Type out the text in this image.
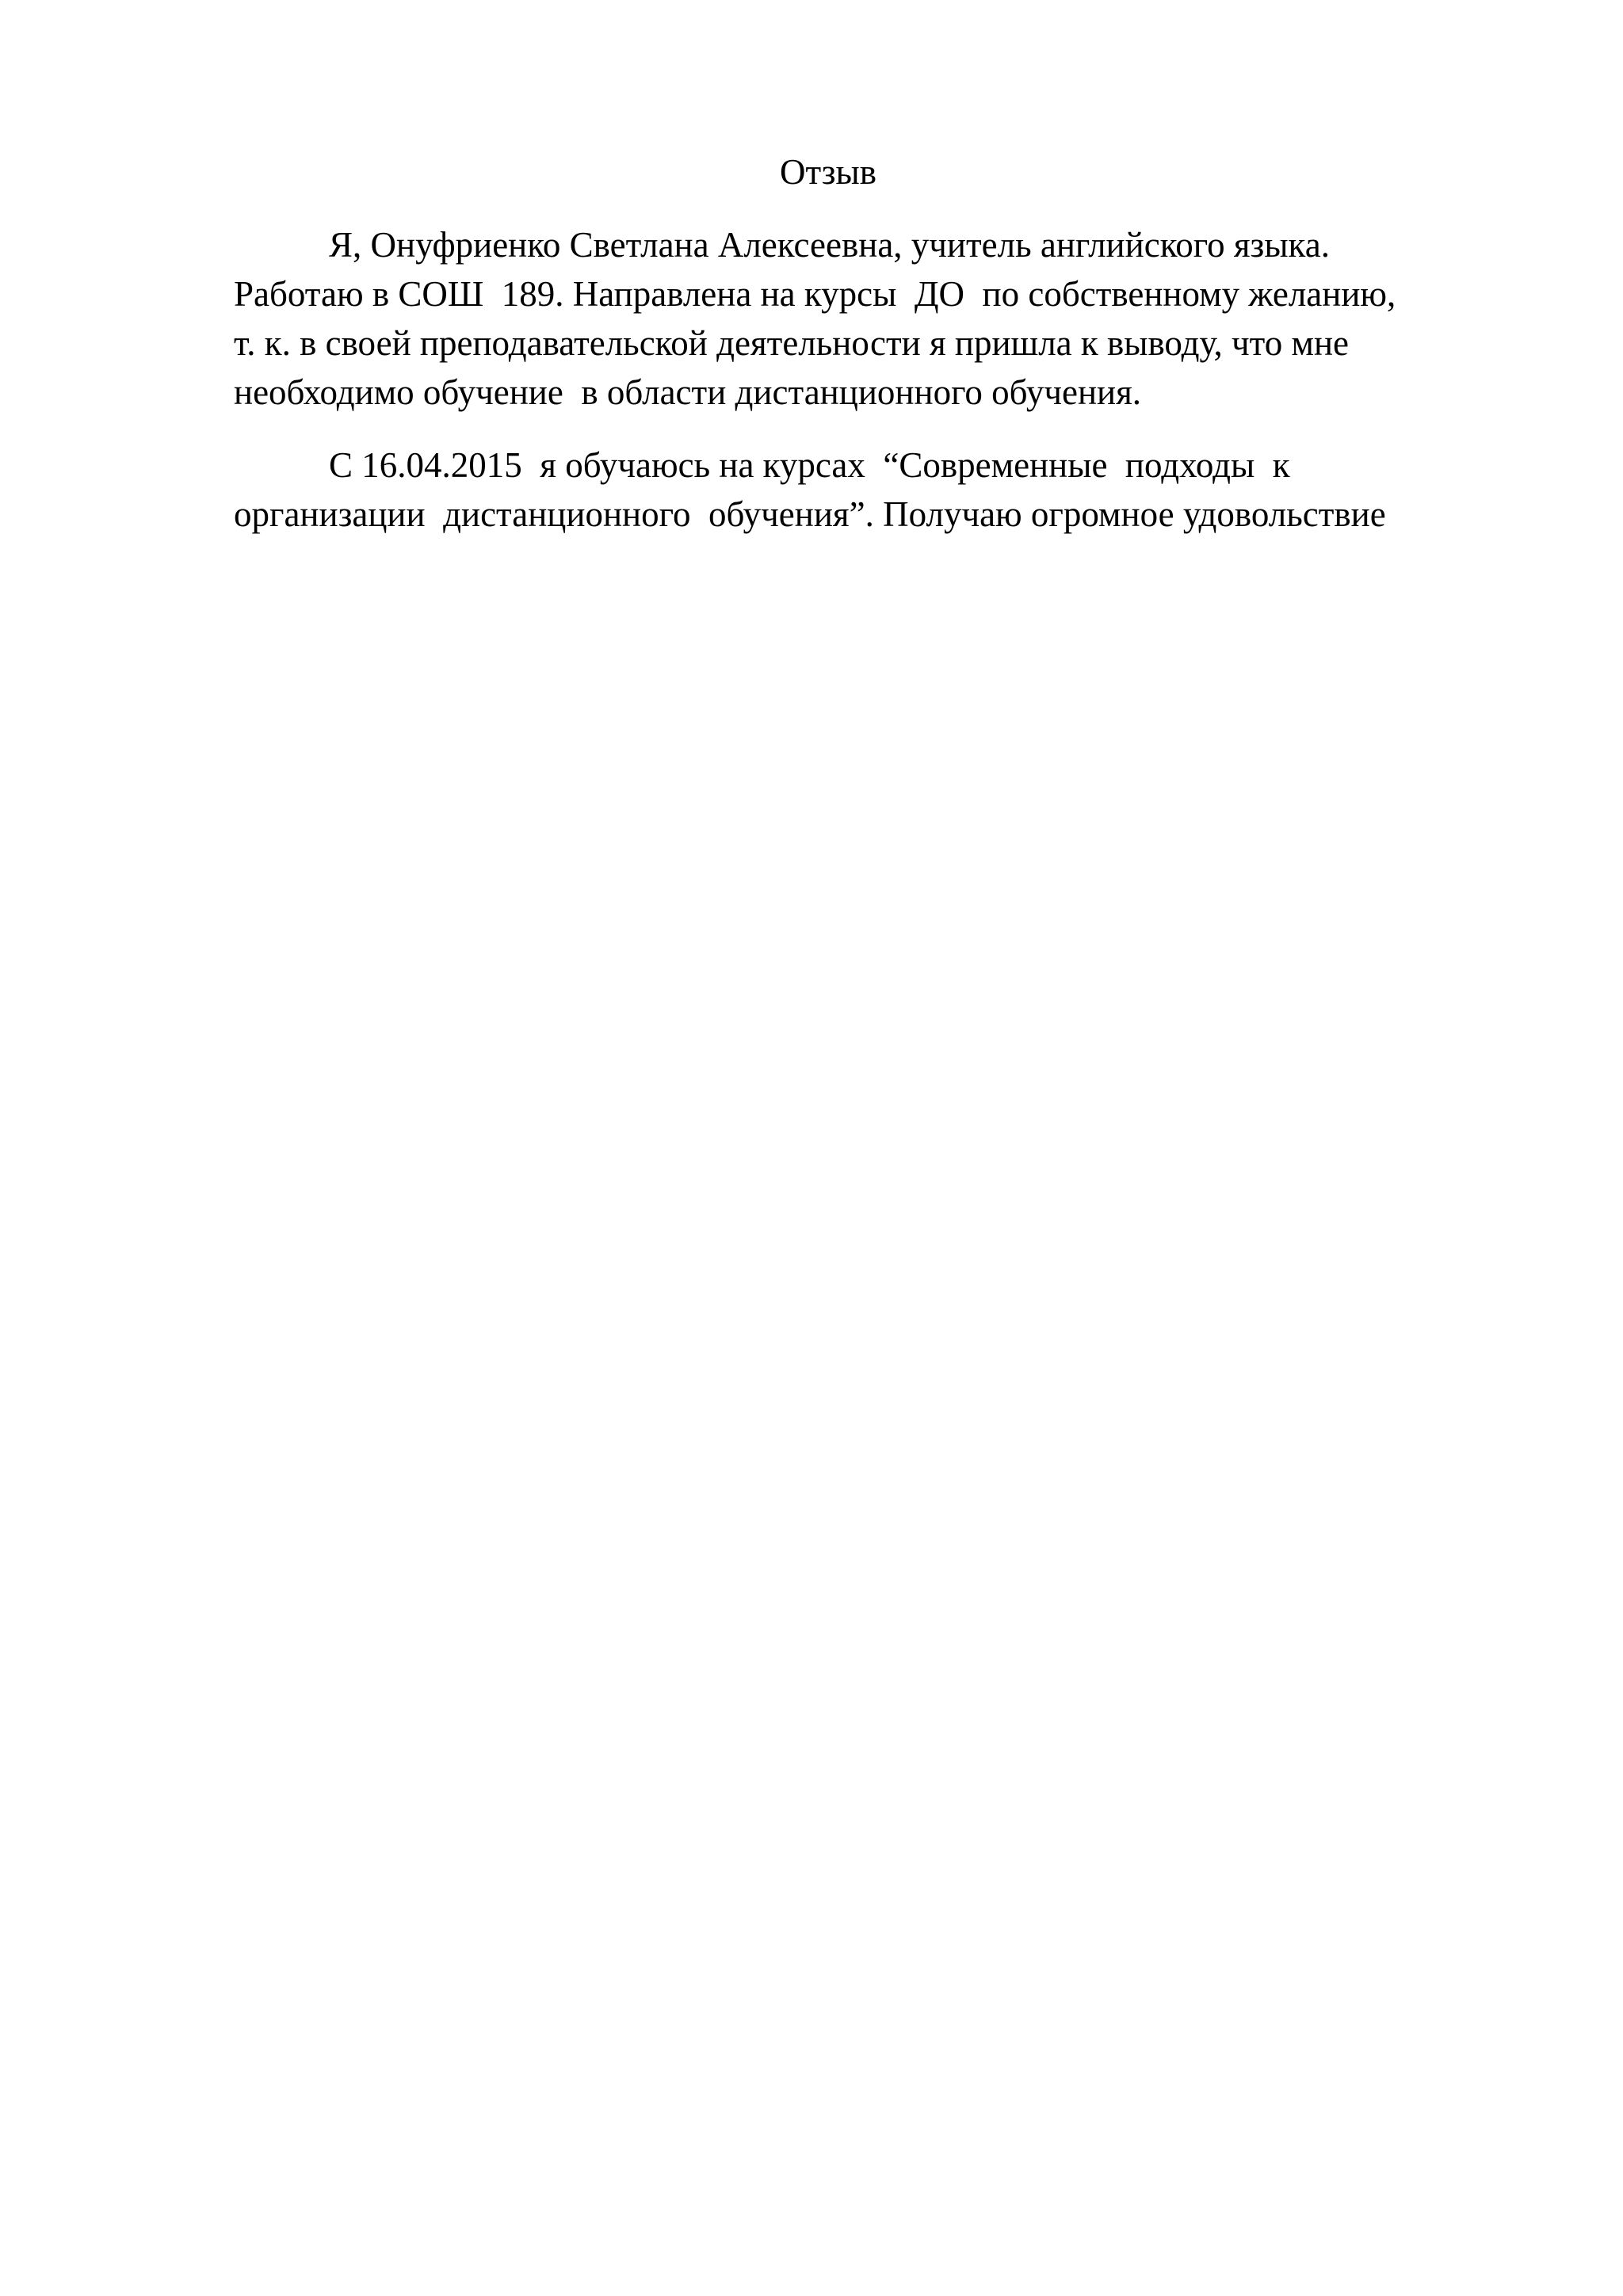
Отзыв
Я, Онуфриенко Светлана Алексеевна, учитель английского языка.
Работаю в СОШ  189. Направлена на курсы  ДО  по собственному желанию,
т. к. в своей преподавательской деятельности я пришла к выводу, что мне
необходимо обучение  в области дистанционного обучения.
С 16.04.2015  я обучаюсь на курсах  “Современные  подходы  к
организации  дистанционного  обучения”. Получаю огромное удовольствие
